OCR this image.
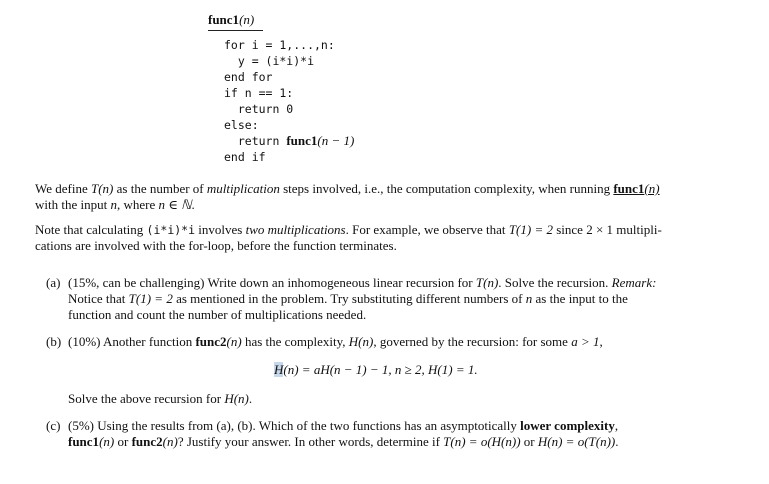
func1(n)
for i = 1,...,n:
y = (i*i)*i
end for
if n == 1:
return 0
else:
return func1(n − 1)
end if
We define T(n) as the number of multiplication steps involved, i.e., the computation complexity, when running func1(n)
with the input n, where n ∈ ℕ.
Note that calculating (i*i)*i involves two multiplications. For example, we observe that T(1) = 2 since 2 × 1 multipli-
cations are involved with the for-loop, before the function terminates.
(a) (15%, can be challenging) Write down an inhomogeneous linear recursion for T(n). Solve the recursion. Remark:
Notice that T(1) = 2 as mentioned in the problem. Try substituting different numbers of n as the input to the
function and count the number of multiplications needed.
(b) (10%) Another function func2(n) has the complexity, H(n), governed by the recursion: for some a > 1,
H(n) = aH(n − 1) − 1, n ≥ 2, H(1) = 1.
Solve the above recursion for H(n).
(c) (5%) Using the results from (a), (b). Which of the two functions has an asymptotically lower complexity,
func1(n) or func2(n)? Justify your answer. In other words, determine if T(n) = o(H(n)) or H(n) = o(T(n)).
